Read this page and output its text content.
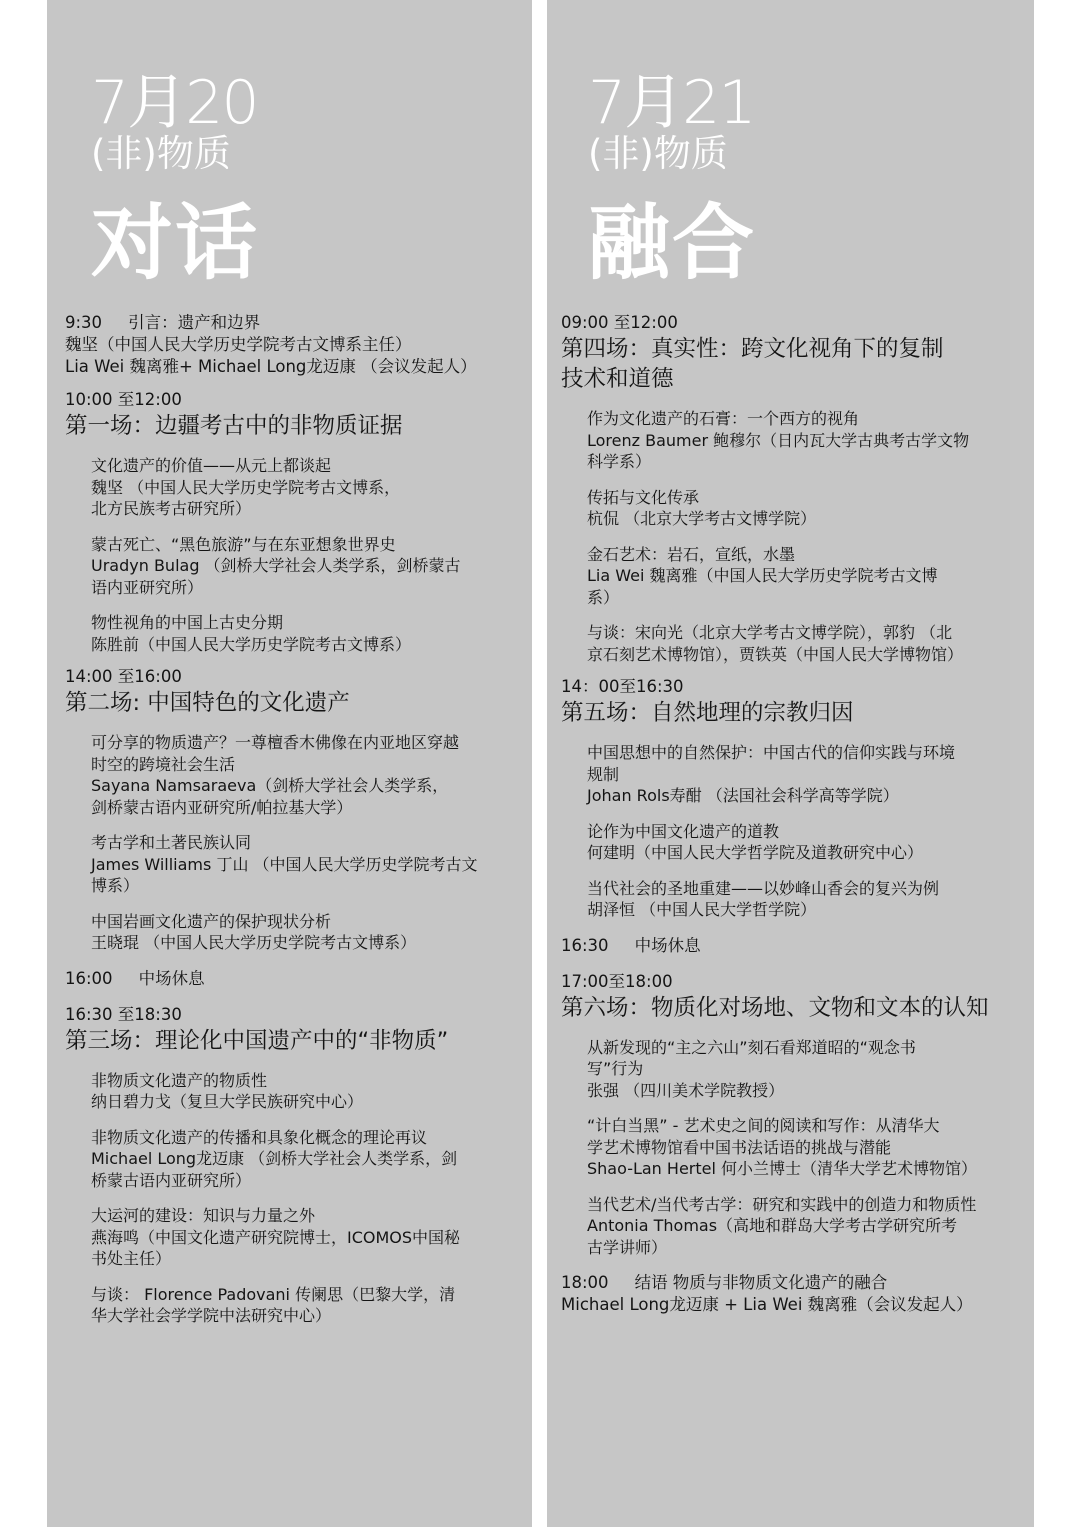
7月20
(非)物质
对话
9:30 引言：遗产和边界
魏坚（中国人民大学历史学院考古文博系主任）
Lia Wei 魏离雅+ Michael Long龙迈康 （会议发起人）
10:00 至12:00
第一场：边疆考古中的非物质证据
文化遗产的价值——从元上都谈起
魏坚 （中国人民大学历史学院考古文博系，
北方民族考古研究所）
蒙古死亡、“黑色旅游”与在东亚想象世界史
Uradyn Bulag （剑桥大学社会人类学系，剑桥蒙古
语内亚研究所）
物性视角的中国上古史分期
陈胜前（中国人民大学历史学院考古文博系）
14:00 至16:00
第二场: 中国特色的文化遗产
可分享的物质遗产？一尊檀香木佛像在内亚地区穿越
时空的跨境社会生活
Sayana Namsaraeva（剑桥大学社会人类学系，
剑桥蒙古语内亚研究所/帕拉基大学）
考古学和土著民族认同
James Williams 丁山 （中国人民大学历史学院考古文
博系）
中国岩画文化遗产的保护现状分析
王晓琨 （中国人民大学历史学院考古文博系）
16:00 中场休息
16:30 至18:30
第三场：理论化中国遗产中的“非物质”
非物质文化遗产的物质性
纳日碧力戈（复旦大学民族研究中心）
非物质文化遗产的传播和具象化概念的理论再议
Michael Long龙迈康 （剑桥大学社会人类学系，剑
桥蒙古语内亚研究所）
大运河的建设：知识与力量之外
燕海鸣（中国文化遗产研究院博士，ICOMOS中国秘
书处主任）
与谈： Florence Padovani 传阑思（巴黎大学，清
华大学社会学学院中法研究中心）
7月21
(非)物质
融合
09:00 至12:00
第四场：真实性：跨文化视角下的复制
技术和道德
作为文化遗产的石膏：一个西方的视角
Lorenz Baumer 鲍穆尔（日内瓦大学古典考古学文物
科学系）
传拓与文化传承
杭侃 （北京大学考古文博学院）
金石艺术：岩石，宣纸，水墨
Lia Wei 魏离雅（中国人民大学历史学院考古文博
系）
与谈：宋向光（北京大学考古文博学院），郭豹 （北
京石刻艺术博物馆），贾铁英（中国人民大学博物馆）
14：00至16:30
第五场：自然地理的宗教归因
中国思想中的自然保护：中国古代的信仰实践与环境
规制
Johan Rols寿酣 （法国社会科学高等学院）
论作为中国文化遗产的道教
何建明（中国人民大学哲学院及道教研究中心）
当代社会的圣地重建——以妙峰山香会的复兴为例
胡泽恒 （中国人民大学哲学院）
16:30 中场休息
17:00至18:00
第六场：物质化对场地、文物和文本的认知
从新发现的“主之六山”刻石看郑道昭的“观念书
写”行为
张强 （四川美术学院教授）
“计白当黑” - 艺术史之间的阅读和写作：从清华大
学艺术博物馆看中国书法话语的挑战与潜能
Shao-Lan Hertel 何小兰博士（清华大学艺术博物馆）
当代艺术/当代考古学：研究和实践中的创造力和物质性
Antonia Thomas（高地和群岛大学考古学研究所考
古学讲师）
18:00 结语 物质与非物质文化遗产的融合
Michael Long龙迈康 + Lia Wei 魏离雅（会议发起人）
